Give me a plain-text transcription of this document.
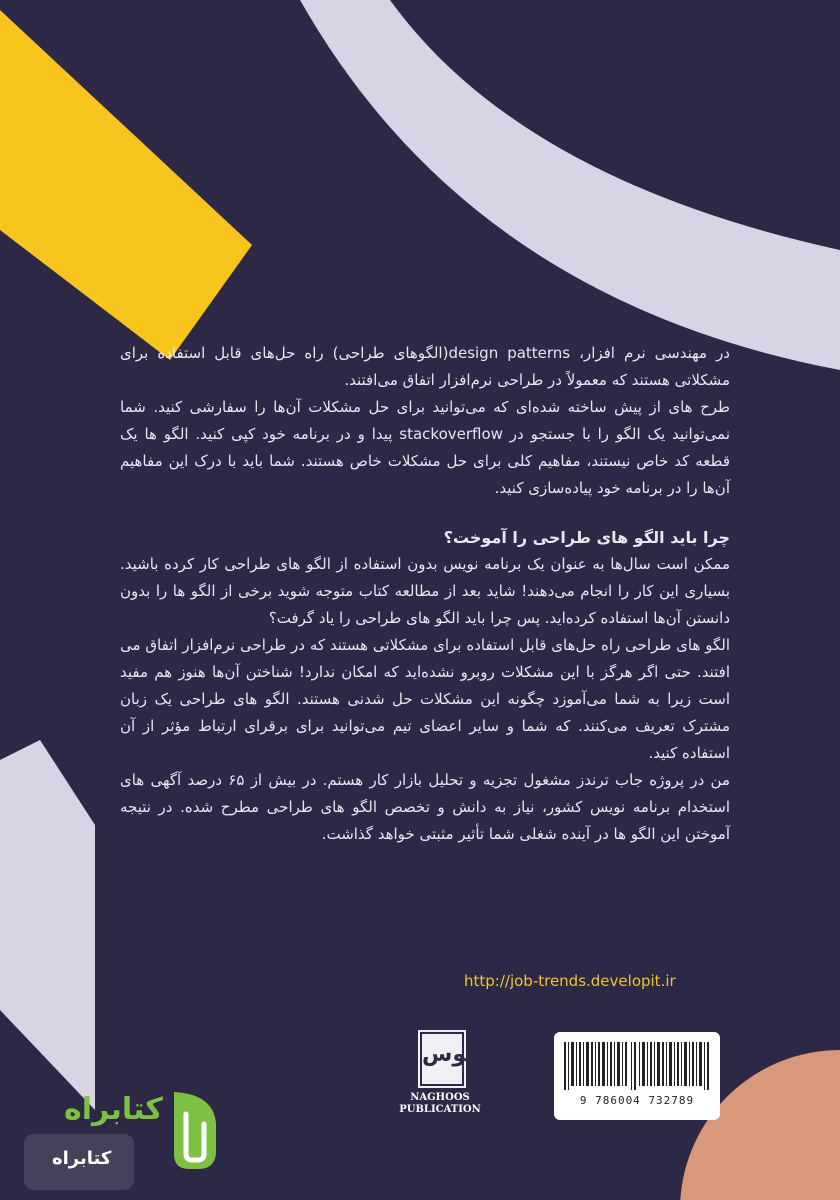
در مهندسی نرم افزار، design patterns(الگوهای طراحی) راه حل‌های قابل استفاده برای مشکلاتی هستند که معمولاً در طراحی نرم‌افزار اتفاق می‌افتند.

طرح های از پیش ساخته شده‌ای که می‌توانید برای حل مشکلات آن‌ها را سفارشی کنید. شما نمی‌توانید یک الگو را با جستجو در stackoverflow پیدا و در برنامه خود کپی کنید. الگو ها یک قطعه کد خاص نیستند، مفاهیم کلی برای حل مشکلات خاص هستند. شما باید با درک این مفاهیم آن‌ها را در برنامه خود پیاده‌سازی کنید.

چرا باید الگو های طراحی را آموخت؟

ممکن است سال‌ها به عنوان یک برنامه نویس بدون استفاده از الگو های طراحی کار کرده باشید. بسیاری این کار را انجام می‌دهند! شاید بعد از مطالعه کتاب متوجه شوید برخی از الگو ها را بدون دانستن آن‌ها استفاده کرده‌اید. پس چرا باید الگو های طراحی را یاد گرفت؟

الگو های طراحی راه حل‌های قابل استفاده برای مشکلاتی هستند که در طراحی نرم‌افزار اتفاق می افتند. حتی اگر هرگز با این مشکلات روبرو نشده‌اید که امکان ندارد! شناختن آن‌ها هنوز هم مفید است زیرا به شما می‌آموزد چگونه این مشکلات حل شدنی هستند. الگو های طراحی یک زبان مشترک تعریف می‌کنند. که شما و سایر اعضای تیم می‌توانید برای برقرای ارتباط مؤثر از آن استفاده کنید.

من در پروژه جاب ترندز مشغول تجزیه و تحلیل بازار کار هستم. در بیش از ۶۵ درصد آگهی های استخدام برنامه نویس کشور، نیاز به دانش و تخصص الگو های طراحی مطرح شده. در نتیجه آموختن این الگو ها در آینده شغلی شما تأثیر مثبتی خواهد گذاشت.

http://job-trends.developit.ir
ناقوس
NAGHOOS
PUBLICATION
9 786004 732789
کتابراه
کتابراه
